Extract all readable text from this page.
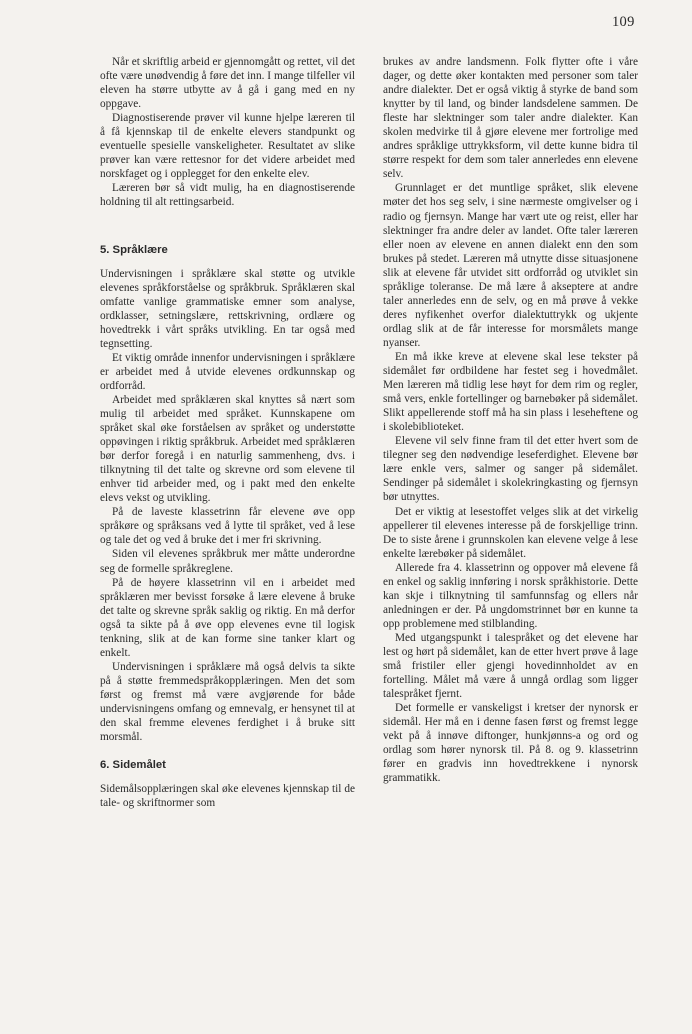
109

Når et skriftlig arbeid er gjennomgått og rettet, vil det ofte være unødvendig å føre det inn. I mange tilfeller vil eleven ha større utbytte av å gå i gang med en ny oppgave.

Diagnostiserende prøver vil kunne hjelpe læreren til å få kjennskap til de enkelte elevers standpunkt og eventuelle spesielle vanskeligheter. Resultatet av slike prøver kan være rettesnor for det videre arbeidet med norskfaget og i opplegget for den enkelte elev.

Læreren bør så vidt mulig, ha en diagnostiserende holdning til alt rettingsarbeid.

5. Språklære

Undervisningen i språklære skal støtte og utvikle elevenes språkforståelse og språkbruk. Språklæren skal omfatte vanlige grammatiske emner som analyse, ordklasser, setningslære, rettskrivning, ordlære og hovedtrekk i vårt språks utvikling. En tar også med tegnsetting.

Et viktig område innenfor undervisningen i språklære er arbeidet med å utvide elevenes ordkunnskap og ordforråd.

Arbeidet med språklæren skal knyttes så nært som mulig til arbeidet med språket. Kunnskapene om språket skal øke forståelsen av språket og understøtte oppøvingen i riktig språkbruk. Arbeidet med språklæren bør derfor foregå i en naturlig sammenheng, dvs. i tilknytning til det talte og skrevne ord som elevene til enhver tid arbeider med, og i pakt med den enkelte elevs vekst og utvikling.

På de laveste klassetrinn får elevene øve opp språkøre og språksans ved å lytte til språket, ved å lese og tale det og ved å bruke det i mer fri skrivning.

Siden vil elevenes språkbruk mer måtte underordne seg de formelle språkreglene.

På de høyere klassetrinn vil en i arbeidet med språklæren mer bevisst forsøke å lære elevene å bruke det talte og skrevne språk saklig og riktig. En må derfor også ta sikte på å øve opp elevenes evne til logisk tenkning, slik at de kan forme sine tanker klart og enkelt.

Undervisningen i språklære må også delvis ta sikte på å støtte fremmedspråkopplæringen. Men det som først og fremst må være avgjørende for både undervisningens omfang og emnevalg, er hensynet til at den skal fremme elevenes ferdighet i å bruke sitt morsmål.

6. Sidemålet

Sidemålsopplæringen skal øke elevenes kjennskap til de tale- og skriftnormer som

brukes av andre landsmenn. Folk flytter ofte i våre dager, og dette øker kontakten med personer som taler andre dialekter. Det er også viktig å styrke de band som knytter by til land, og binder landsdelene sammen. De fleste har slektninger som taler andre dialekter. Kan skolen medvirke til å gjøre elevene mer fortrolige med andres språklige uttrykksform, vil dette kunne bidra til større respekt for dem som taler annerledes enn elevene selv.

Grunnlaget er det muntlige språket, slik elevene møter det hos seg selv, i sine nærmeste omgivelser og i radio og fjernsyn. Mange har vært ute og reist, eller har slektninger fra andre deler av landet. Ofte taler læreren eller noen av elevene en annen dialekt enn den som brukes på stedet. Læreren må utnytte disse situasjonene slik at elevene får utvidet sitt ordforråd og utviklet sin språklige toleranse. De må lære å akseptere at andre taler annerledes enn de selv, og en må prøve å vekke deres nyfikenhet overfor dialektuttrykk og ukjente ordlag slik at de får interesse for morsmålets mange nyanser.

En må ikke kreve at elevene skal lese tekster på sidemålet før ordbildene har festet seg i hovedmålet. Men læreren må tidlig lese høyt for dem rim og regler, små vers, enkle fortellinger og barnebøker på sidemålet. Slikt appellerende stoff må ha sin plass i leseheftene og i skolebiblioteket.

Elevene vil selv finne fram til det etter hvert som de tilegner seg den nødvendige leseferdighet. Elevene bør lære enkle vers, salmer og sanger på sidemålet. Sendinger på sidemålet i skolekringkasting og fjernsyn bør utnyttes.

Det er viktig at lesestoffet velges slik at det virkelig appellerer til elevenes interesse på de forskjellige trinn. De to siste årene i grunnskolen kan elevene velge å lese enkelte lærebøker på sidemålet.

Allerede fra 4. klassetrinn og oppover må elevene få en enkel og saklig innføring i norsk språkhistorie. Dette kan skje i tilknytning til samfunnsfag og ellers når anledningen er der. På ungdomstrinnet bør en kunne ta opp problemene med stilblanding.

Med utgangspunkt i talespråket og det elevene har lest og hørt på sidemålet, kan de etter hvert prøve å lage små fristiler eller gjengi hovedinnholdet av en fortelling. Målet må være å unngå ordlag som ligger talespråket fjernt.

Det formelle er vanskeligst i kretser der nynorsk er sidemål. Her må en i denne fasen først og fremst legge vekt på å innøve diftonger, hunkjønns-a og ord og ordlag som hører nynorsk til. På 8. og 9. klassetrinn fører en gradvis inn hovedtrekkene i nynorsk grammatikk.
